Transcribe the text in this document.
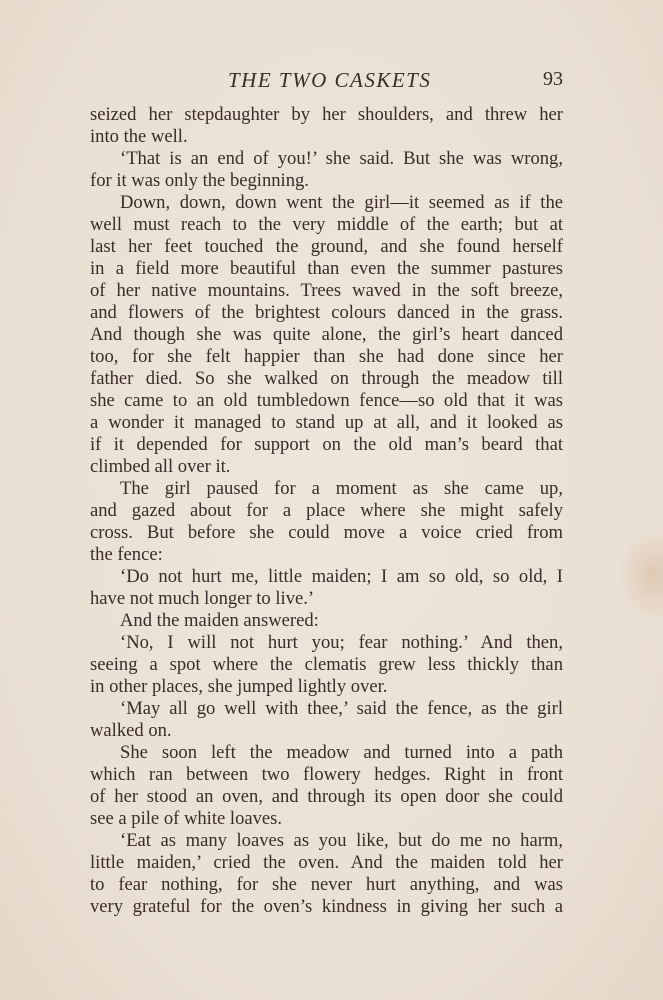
THE TWO CASKETS	93
seized her stepdaughter by her shoulders, and threw her
into the well.
‘That is an end of you!’ she said. But she was wrong,
for it was only the beginning.
Down, down, down went the girl—it seemed as if the
well must reach to the very middle of the earth; but at
last her feet touched the ground, and she found herself
in a field more beautiful than even the summer pastures
of her native mountains. Trees waved in the soft breeze,
and flowers of the brightest colours danced in the grass.
And though she was quite alone, the girl’s heart danced
too, for she felt happier than she had done since her
father died. So she walked on through the meadow till
she came to an old tumbledown fence—so old that it was
a wonder it managed to stand up at all, and it looked as
if it depended for support on the old man’s beard that
climbed all over it.
The girl paused for a moment as she came up,
and gazed about for a place where she might safely
cross. But before she could move a voice cried from
the fence:
‘Do not hurt me, little maiden; I am so old, so old, I
have not much longer to live.’
And the maiden answered:
‘No, I will not hurt you; fear nothing.’ And then,
seeing a spot where the clematis grew less thickly than
in other places, she jumped lightly over.
‘May all go well with thee,’ said the fence, as the girl
walked on.
She soon left the meadow and turned into a path
which ran between two flowery hedges. Right in front
of her stood an oven, and through its open door she could
see a pile of white loaves.
‘Eat as many loaves as you like, but do me no harm,
little maiden,’ cried the oven. And the maiden told her
to fear nothing, for she never hurt anything, and was
very grateful for the oven’s kindness in giving her such a
